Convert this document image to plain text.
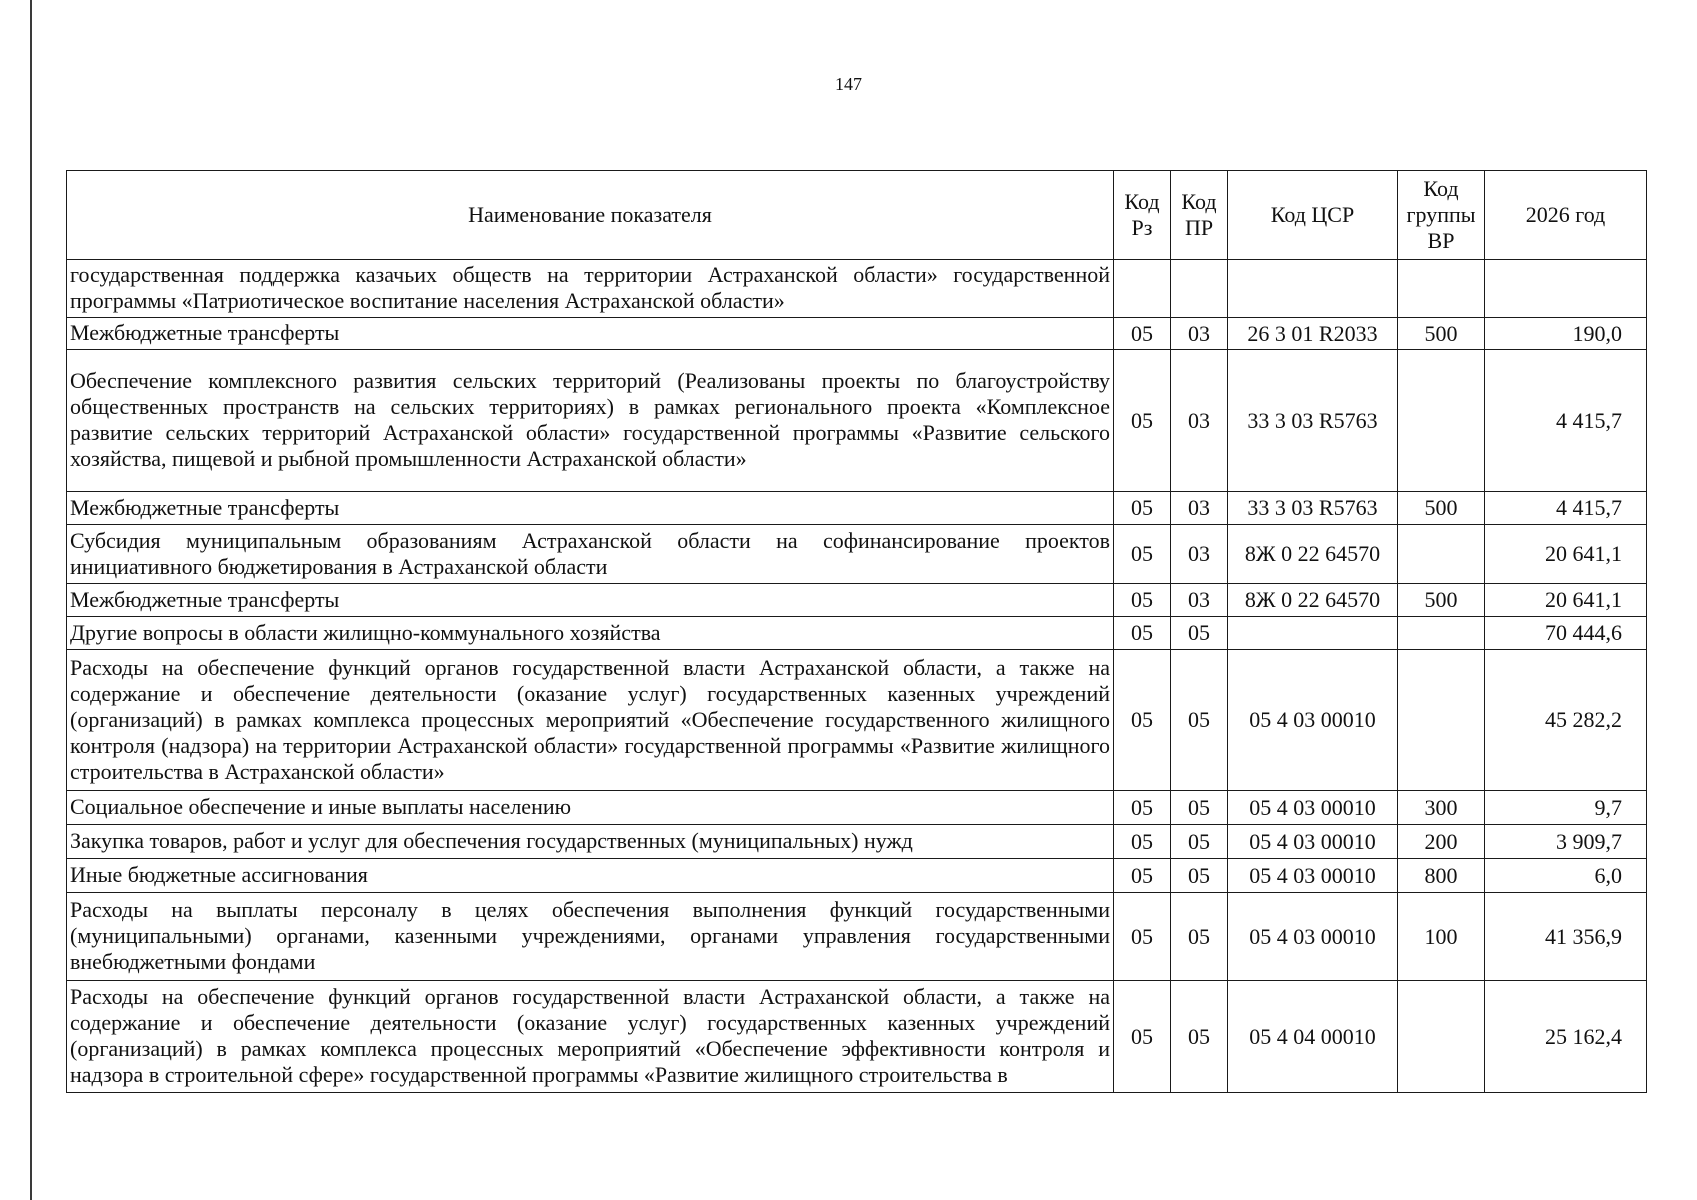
147
Наименование показателя	Код Рз	Код ПР	Код ЦСР	Код группы ВР	2026 год
государственная поддержка казачьих обществ на территории Астраханской области» государственной программы «Патриотическое воспитание населения Астраханской области»					
Межбюджетные трансферты	05	03	26 3 01 R2033	500	190,0
Обеспечение комплексного развития сельских территорий (Реализованы проекты по благоустройству общественных пространств на сельских территориях) в рамках регионального проекта «Комплексное развитие сельских территорий Астраханской области» государственной программы «Развитие сельского хозяйства, пищевой и рыбной промышленности Астраханской области»	05	03	33 3 03 R5763		4 415,7
Межбюджетные трансферты	05	03	33 3 03 R5763	500	4 415,7
Субсидия муниципальным образованиям Астраханской области на софинансирование проектов инициативного бюджетирования в Астраханской области	05	03	8Ж 0 22 64570		20 641,1
Межбюджетные трансферты	05	03	8Ж 0 22 64570	500	20 641,1
Другие вопросы в области жилищно-коммунального хозяйства	05	05			70 444,6
Расходы на обеспечение функций органов государственной власти Астраханской области, а также на содержание и обеспечение деятельности (оказание услуг) государственных казенных учреждений (организаций) в рамках комплекса процессных мероприятий «Обеспечение государственного жилищного контроля (надзора) на территории Астраханской области» государственной программы «Развитие жилищного строительства в Астраханской области»	05	05	05 4 03 00010		45 282,2
Социальное обеспечение и иные выплаты населению	05	05	05 4 03 00010	300	9,7
Закупка товаров, работ и услуг для обеспечения государственных (муниципальных) нужд	05	05	05 4 03 00010	200	3 909,7
Иные бюджетные ассигнования	05	05	05 4 03 00010	800	6,0
Расходы на выплаты персоналу в целях обеспечения выполнения функций государственными (муниципальными) органами, казенными учреждениями, органами управления государственными внебюджетными фондами	05	05	05 4 03 00010	100	41 356,9
Расходы на обеспечение функций органов государственной власти Астраханской области, а также на содержание и обеспечение деятельности (оказание услуг) государственных казенных учреждений (организаций) в рамках комплекса процессных мероприятий «Обеспечение эффективности контроля и надзора в строительной сфере» государственной программы «Развитие жилищного строительства в	05	05	05 4 04 00010		25 162,4
